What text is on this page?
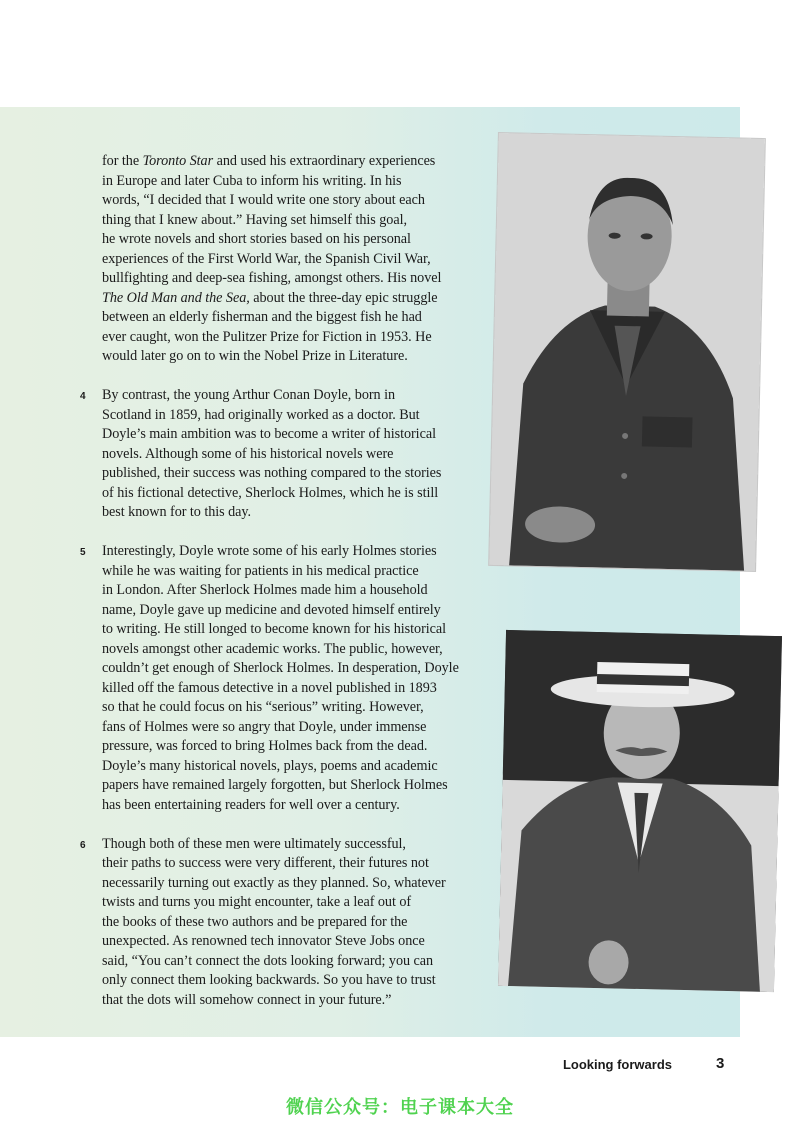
for the Toronto Star and used his extraordinary experiences
in Europe and later Cuba to inform his writing. In his
words, “I decided that I would write one story about each
thing that I knew about.” Having set himself this goal,
he wrote novels and short stories based on his personal
experiences of the First World War, the Spanish Civil War,
bullfighting and deep-sea fishing, amongst others. His novel
The Old Man and the Sea, about the three-day epic struggle
between an elderly fisherman and the biggest fish he had
ever caught, won the Pulitzer Prize for Fiction in 1953. He
would later go on to win the Nobel Prize in Literature.
4 By contrast, the young Arthur Conan Doyle, born in
Scotland in 1859, had originally worked as a doctor. But
Doyle’s main ambition was to become a writer of historical
novels. Although some of his historical novels were
published, their success was nothing compared to the stories
of his fictional detective, Sherlock Holmes, which he is still
best known for to this day.
5 Interestingly, Doyle wrote some of his early Holmes stories
while he was waiting for patients in his medical practice
in London. After Sherlock Holmes made him a household
name, Doyle gave up medicine and devoted himself entirely
to writing. He still longed to become known for his historical
novels amongst other academic works. The public, however,
couldn’t get enough of Sherlock Holmes. In desperation, Doyle
killed off the famous detective in a novel published in 1893
so that he could focus on his “serious” writing. However,
fans of Holmes were so angry that Doyle, under immense
pressure, was forced to bring Holmes back from the dead.
Doyle’s many historical novels, plays, poems and academic
papers have remained largely forgotten, but Sherlock Holmes
has been entertaining readers for well over a century.
6 Though both of these men were ultimately successful,
their paths to success were very different, their futures not
necessarily turning out exactly as they planned. So, whatever
twists and turns you might encounter, take a leaf out of
the books of these two authors and be prepared for the
unexpected. As renowned tech innovator Steve Jobs once
said, “You can’t connect the dots looking forward; you can
only connect them looking backwards. So you have to trust
that the dots will somehow connect in your future.”
Looking forwards	3
微信公众号：电子课本大全
